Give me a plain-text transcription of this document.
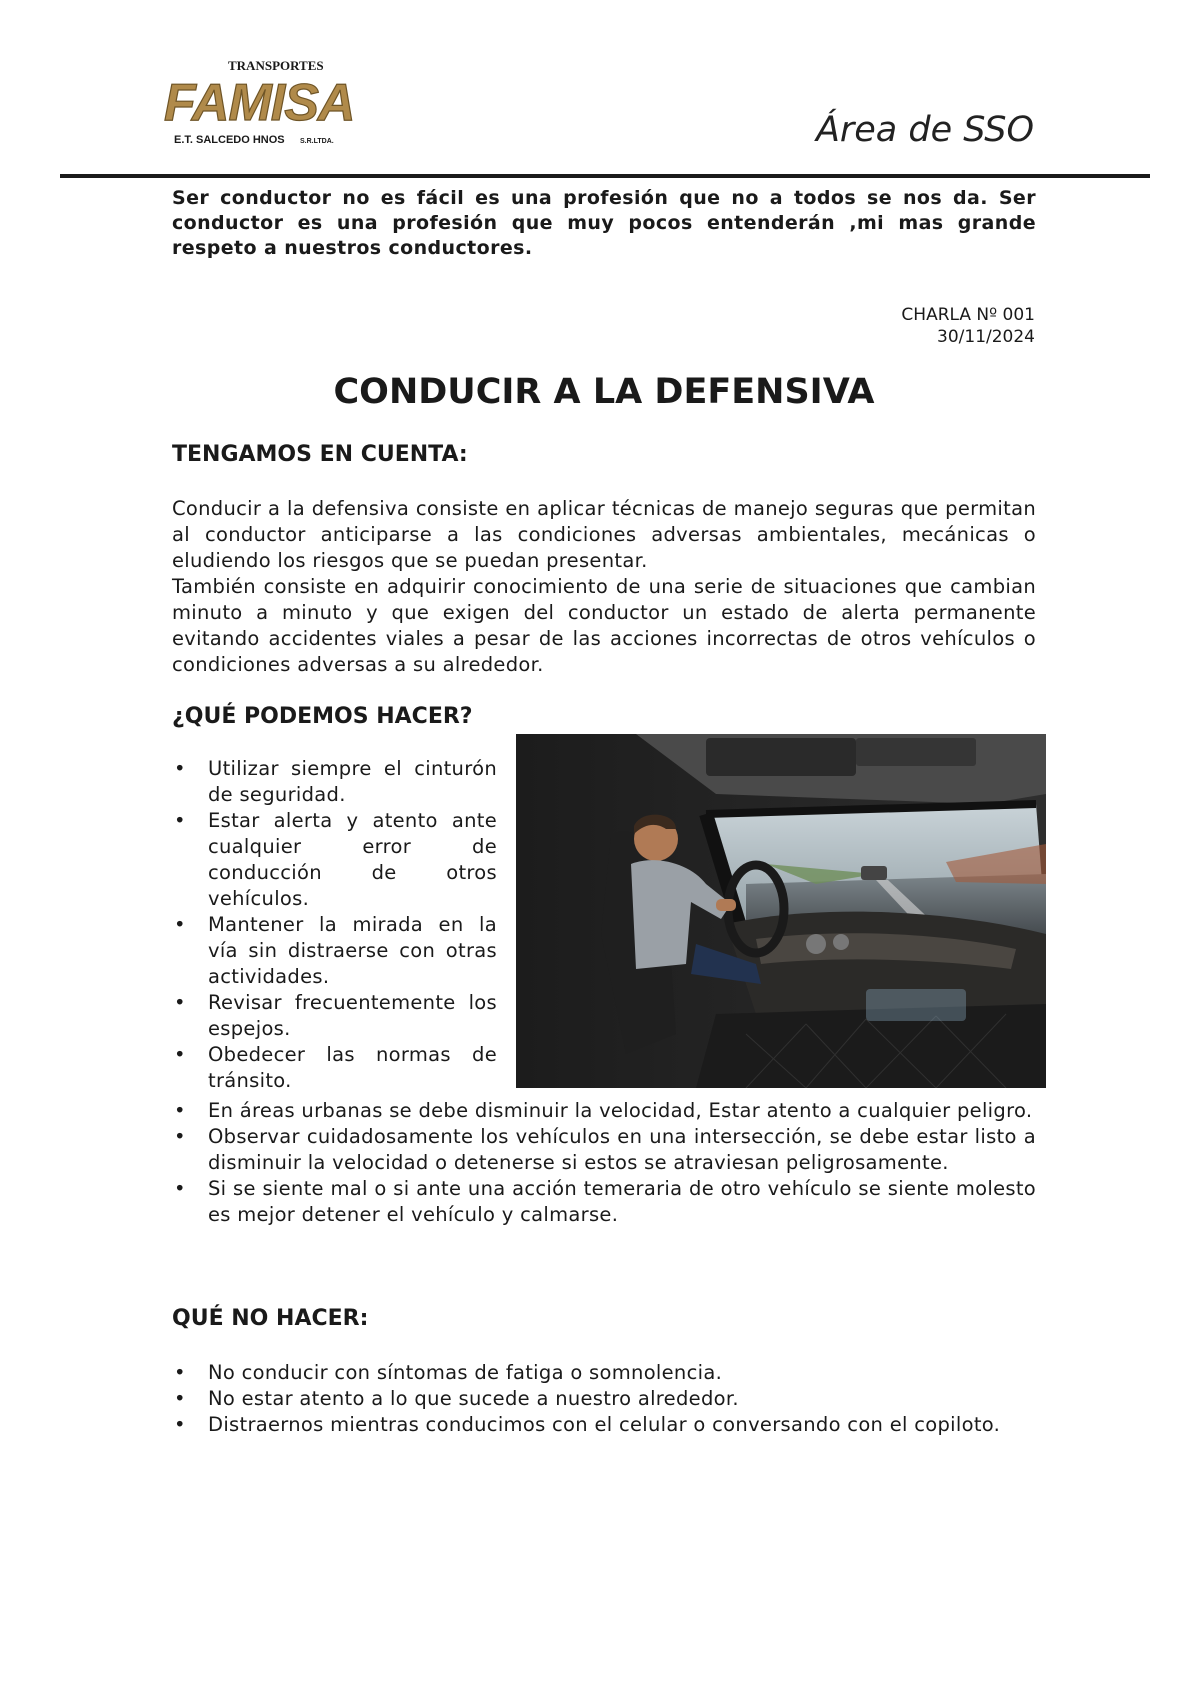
TRANSPORTES
FAMISA
E.T. SALCEDO HNOS S.R.LTDA.	Área de SSO
Ser conductor no es fácil es una profesión que no a todos se nos da. Ser conductor es una profesión que muy pocos entenderán ,mi mas grande respeto a nuestros conductores.
CHARLA Nº 001
30/11/2024
CONDUCIR A LA DEFENSIVA
TENGAMOS EN CUENTA:
Conducir a la defensiva consiste en aplicar técnicas de manejo seguras que permitan al conductor anticiparse a las condiciones adversas ambientales, mecánicas o eludiendo los riesgos que se puedan presentar.
También consiste en adquirir conocimiento de una serie de situaciones que cambian minuto a minuto y que exigen del conductor un estado de alerta permanente evitando accidentes viales a pesar de las acciones incorrectas de otros vehículos o condiciones adversas a su alrededor.
¿QUÉ PODEMOS HACER?
• Utilizar siempre el cinturón de seguridad.
• Estar alerta y atento ante cualquier error de conducción de otros vehículos.
• Mantener la mirada en la vía sin distraerse con otras actividades.
• Revisar frecuentemente los espejos.
• Obedecer las normas de tránsito.
• En áreas urbanas se debe disminuir la velocidad, Estar atento a cualquier peligro.
• Observar cuidadosamente los vehículos en una intersección, se debe estar listo a disminuir la velocidad o detenerse si estos se atraviesan peligrosamente.
• Si se siente mal o si ante una acción temeraria de otro vehículo se siente molesto es mejor detener el vehículo y calmarse.
QUÉ NO HACER:
• No conducir con síntomas de fatiga o somnolencia.
• No estar atento a lo que sucede a nuestro alrededor.
• Distraernos mientras conducimos con el celular o conversando con el copiloto.
